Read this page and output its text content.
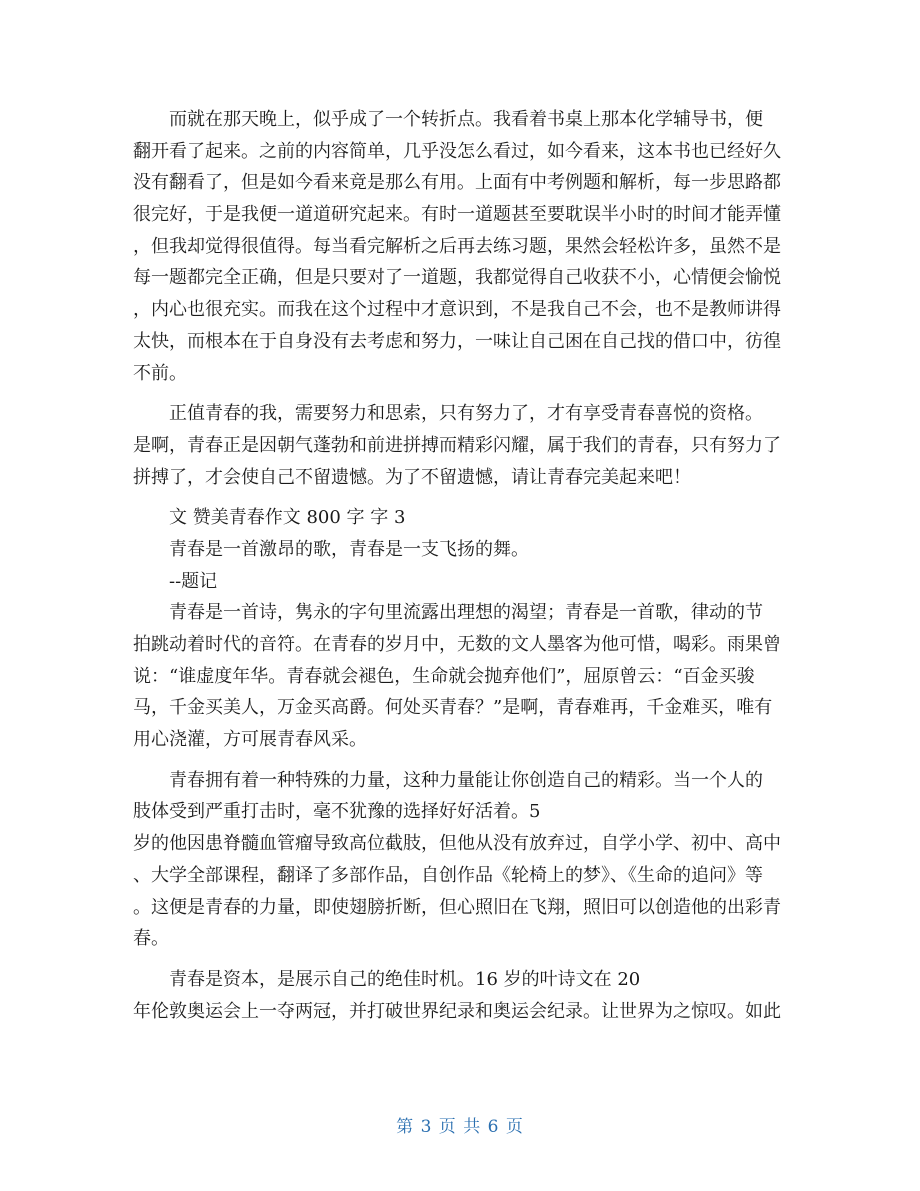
　　而就在那天晚上，似乎成了一个转折点。我看着书桌上那本化学辅导书，便
翻开看了起来。之前的内容简单，几乎没怎么看过，如今看来，这本书也已经好久
没有翻看了，但是如今看来竟是那么有用。上面有中考例题和解析，每一步思路都
很完好，于是我便一道道研究起来。有时一道题甚至要耽误半小时的时间才能弄懂
，但我却觉得很值得。每当看完解析之后再去练习题，果然会轻松许多，虽然不是
每一题都完全正确，但是只要对了一道题，我都觉得自己收获不小，心情便会愉悦
，内心也很充实。而我在这个过程中才意识到，不是我自己不会，也不是教师讲得
太快，而根本在于自身没有去考虑和努力，一味让自己困在自己找的借口中，彷徨
不前。
　　正值青春的我，需要努力和思索，只有努力了，才有享受青春喜悦的资格。
是啊，青春正是因朝气蓬勃和前进拼搏而精彩闪耀，属于我们的青春，只有努力了
拼搏了，才会使自己不留遗憾。为了不留遗憾，请让青春完美起来吧！
　　文 赞美青春作文 800 字 字 3
　　青春是一首激昂的歌，青春是一支飞扬的舞。
　　--题记
　　青春是一首诗，隽永的字句里流露出理想的渴望；青春是一首歌，律动的节
拍跳动着时代的音符。在青春的岁月中，无数的文人墨客为他可惜，喝彩。雨果曾
说：“谁虚度年华。青春就会褪色，生命就会抛弃他们”，屈原曾云：“百金买骏
马，千金买美人，万金买高爵。何处买青春？”是啊，青春难再，千金难买，唯有
用心浇灌，方可展青春风采。
　　青春拥有着一种特殊的力量，这种力量能让你创造自己的精彩。当一个人的
肢体受到严重打击时，毫不犹豫的选择好好活着。5
岁的他因患脊髓血管瘤导致高位截肢，但他从没有放弃过，自学小学、初中、高中
、大学全部课程，翻译了多部作品，自创作品《轮椅上的梦》、《生命的追问》等
。这便是青春的力量，即使翅膀折断，但心照旧在飞翔，照旧可以创造他的出彩青
春。
　　青春是资本，是展示自己的绝佳时机。16 岁的叶诗文在 20
年伦敦奥运会上一夺两冠，并打破世界纪录和奥运会纪录。让世界为之惊叹。如此
第 3 页 共 6 页
